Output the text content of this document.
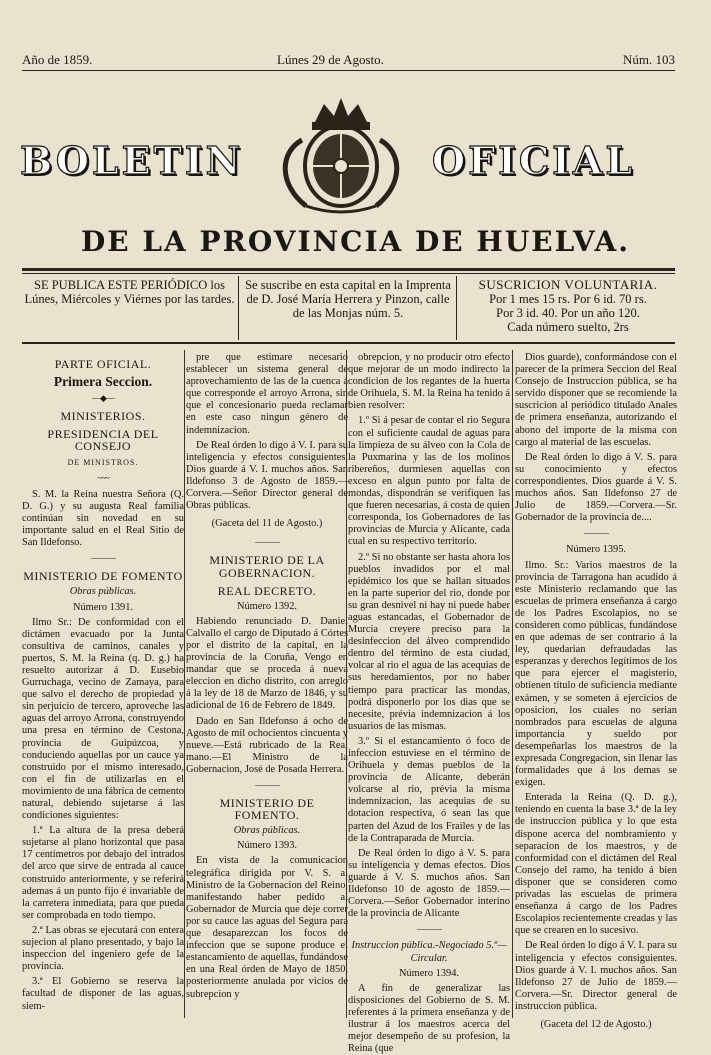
Año de 1859.	Lúnes 29 de Agosto.	Núm. 103
BOLETIN	OFICIAL
DE LA PROVINCIA DE HUELVA.
SE PUBLICA ESTE PERIÓDICO los Lúnes, Miércoles y Viérnes por las tardes.
Se suscribe en esta capital en la Imprenta de D. José María Herrera y Pinzon, calle de las Monjas núm. 5.
SUSCRICION VOLUNTARIA.
Por 1 mes 15 rs. Por 6 id. 70 rs.
Por 3 id. 40. Por un año 120.
Cada número suelto, 2rs

PARTE OFICIAL.

Primera Seccion.

—◆—

MINISTERIOS.

PRESIDENCIA DEL CONSEJO

DE MINISTROS.

~~~

S. M. la Reina nuestra Señora (Q. D. G.) y su augusta Real familia continúan sin novedad en su importante salud en el Real Sitio de San Ildefonso.

———

MINISTERIO DE FOMENTO

Obras públicas.

Número 1391.

Ilmo Sr.: De conformidad con el dictámen evacuado por la Junta consultiva de caminos, canales y puertos, S. M. la Reina (q. D. g.) ha resuelto autorizar á D. Eusebio Gurruchaga, vecino de Zamaya, para que salvo el derecho de propiedad y sin perjuicio de tercero, aproveche las aguas del arroyo Arrona, construyendo una presa en término de Cestona, provincia de Guipúzcoa, y conduciendo aquellas por un cauce ya construido por el mismo interesado, con el fin de utilizarlas en el movimiento de una fábrica de cemento natural, debiendo sujetarse á las condiciones siguientes:

1.ª La altura de la presa deberá sujetarse al plano horizontal que pasa 17 centímetros por debajo del intrados del arco que sirve de entrada al cauce construido anteriormente, y se referirá ademas á un punto fijo é invariable de la carretera inmediata, para que pueda ser comprobada en todo tiempo.

2.ª Las obras se ejecutará con entera sujecion al plano presentado, y bajo la inspeccion del ingeniero gefe de la provincia.

3.ª El Gobierno se reserva la facultad de disponer de las aguas, siem-

pre que estimare necesario establecer un sistema general de aprovechamiento de las de la cuenca á que corresponde el arroyo Arrona, sin que el concesionario pueda reclamar en este caso ningun género de indemnizacion.

De Real órden lo digo á V. I. para su inteligencia y efectos consiguientes. Dios guarde á V. I. muchos años. San Ildefonso 3 de Agosto de 1859.—Corvera.—Señor Director general de Obras públicas.

(Gaceta del 11 de Agosto.)

———

MINISTERIO DE LA GOBERNACION.

REAL DECRETO.

Número 1392.

Habiendo renunciado D. Daniel Calvallo el cargo de Diputado á Córtes por el distrito de la capital, en la provincia de la Coruña, Vengo en mandar que se proceda á nueva eleccion en dicho distrito, con arreglo á la ley de 18 de Marzo de 1846, y su adicional de 16 de Febrero de 1849.

Dado en San Ildefonso á ocho de Agosto de mil ochocientos cincuenta y nueve.—Está rubricado de la Real mano.—El Ministro de la Gobernacion, José de Posada Herrera.

———

MINISTERIO DE FOMENTO.

Obras públicas.

Número 1393.

En vista de la comunicacion telegráfica dirigida por V. S. al Ministro de la Gobernacion del Reino, manifestando haber pedido al Gobernador de Murcia que deje correr por su cauce las aguas del Segura para que desaparezcan los focos de infeccion que se supone produce el estancamiento de aquellas, fundándose en una Real órden de Mayo de 1850, posteriormente anulada por vicios de subrepcion y

obrepcion, y no producir otro efecto que mejorar de un modo indirecto la condicion de los regantes de la huerta de Orihuela, S. M. la Reina ha tenido á bien resolver:

1.º Si á pesar de contar el rio Segura con el suficiente caudal de aguas para la limpieza de su álveo con la Cola de la Puxmarina y las de los molinos ribereños, durmiesen aquellas con exceso en algun punto por falta de mondas, dispondrán se verifiquen las que fueren necesarias, á costa de quien corresponda, los Gobernadores de las provincias de Murcia y Alicante, cada cual en su respectivo territorio.

2.º Si no obstante ser hasta ahora los pueblos invadidos por el mal epidémico los que se hallan situados en la parte superior del rio, donde por su gran desnivel ni hay ni puede haber aguas estancadas, el Gobernador de Murcia creyere preciso para la desinfeccion del álveo comprendido dentro del término de esta ciudad, volcar al rio el agua de las acequias de sus heredamientos, por no haber tiempo para practicar las mondas, podrá disponerlo por los dias que se necesite, prévia indemnizacion á los usuarios de las mismas.

3.º Si el estancamiento ó foco de infeccion estuviese en el término de Orihuela y demas pueblos de la provincia de Alicante, deberán volcarse al rio, prévia la misma indemnizacion, las acequias de su dotacion respectiva, ó sean las que parten del Azud de los Frailes y de las de la Contraparada de Murcia.

De Real órden lo digo á V. S. para su inteligencia y demas efectos. Dios guarde á V. S. muchos años. San Ildefonso 10 de agosto de 1859.—Corvera.—Señor Gobernador interino de la provincia de Alicante

———

Instruccion pública.-Negociado 5.º—Circular.

Número 1394.

A fin de generalizar las disposiciones del Gobierno de S. M. referentes á la primera enseñanza y de ilustrar á los maestros acerca del mejor desempeño de su profesion, la Reina (que

Dios guarde), conformándose con el parecer de la primera Seccion del Real Consejo de Instruccion pública, se ha servido disponer que se recomiende la suscricion al periódico titulado Anales de primera enseñanza, autorizando el abono del importe de la misma con cargo al material de las escuelas.

De Real órden lo digo á V. S. para su conocimiento y efectos correspondientes. Dios guarde á V. S. muchos años. San Ildefonso 27 de Julio de 1859.—Corvera.—Sr. Gobernador de la provincia de....

———

Número 1395.

Ilmo. Sr.: Varios maestros de la provincia de Tarragona han acudido á este Ministerio reclamando que las escuelas de primera enseñanza á cargo de los Padres Escolapios, no se consideren como públicas, fundándose en que ademas de ser contrario á la ley, quedarian defraudadas las esperanzas y derechos legítimos de los que para ejercer el magisterio, obtienen título de suficiencia mediante exámen, y se someten á ejercicios de oposicion, los cuales no serian nombrados para escuelas de alguna importancia y sueldo por desempeñarlas los maestros de la expresada Congregacion, sin llenar las formalidades que á los demas se exigen.

Enterada la Reina (Q. D. g.), teniendo en cuenta la base 3.ª de la ley de instruccion pública y lo que esta dispone acerca del nombramiento y separacion de los maestros, y de conformidad con el dictámen del Real Consejo del ramo, ha tenido á bien disponer que se consideren como privadas las escuelas de primera enseñanza á cargo de los Padres Escolapios recientemente creadas y las que se crearen en lo sucesivo.

De Real órden lo digo á V. I. para su inteligencia y efectos consiguientes. Dios guarde á V. I. muchos años. San Ildefonso 27 de Julio de 1859.—Corvera.—Sr. Director general de instruccion pública.

(Gaceta del 12 de Agosto.)
